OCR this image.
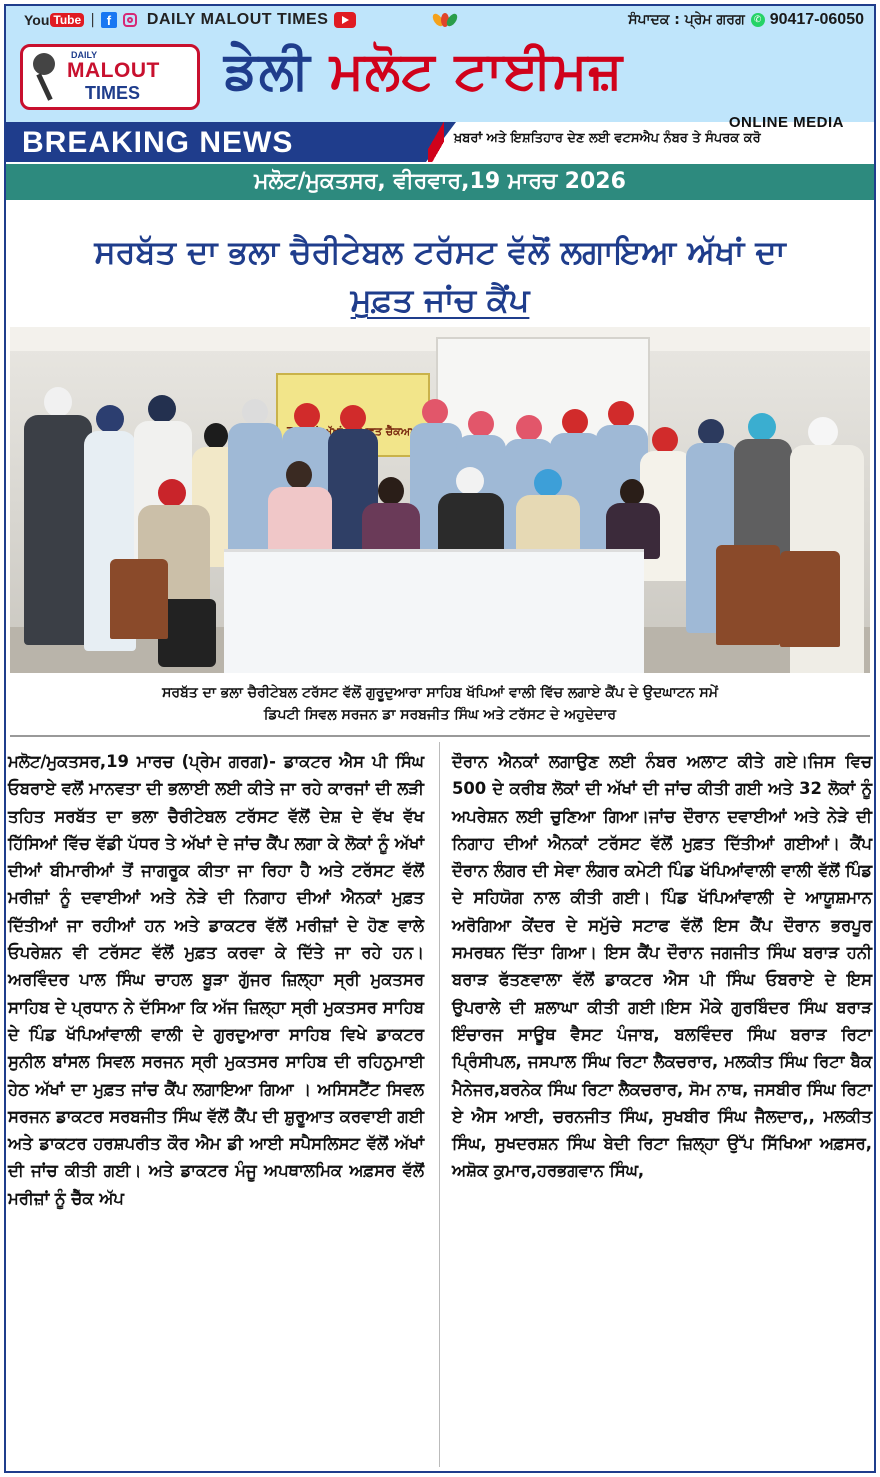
You Tube | f	DAILY MALOUT TIMES	ਸੰਪਾਦਕ : ਪ੍ਰੇਮ ਗਰਗ	✆ 90417-06050
DAILY
MALOUT
TIMES ਡੇਲੀ ਮਲੋਟ ਟਾਈਮਜ਼
ONLINE MEDIA
BREAKING NEWS	ਖ਼ਬਰਾਂ ਅਤੇ ਇਸ਼ਤਿਹਾਰ ਦੇਣ ਲਈ ਵਟਸਐਪ ਨੰਬਰ ਤੇ ਸੰਪਰਕ ਕਰੋ
ਮਲੋਟ/ਮੁਕਤਸਰ, ਵੀਰਵਾਰ,19 ਮਾਰਚ 2026
ਸਰਬੱਤ ਦਾ ਭਲਾ ਚੈਰੀਟੇਬਲ ਟਰੱਸਟ ਵੱਲੋਂ ਲਗਾਇਆ ਅੱਖਾਂ ਦਾ
ਮੁਫ਼ਤ ਜਾਂਚ ਕੈਂਪ
ਚੈੱਕਅਪ
ਸਰਬੱਤ ਦਾ ਭਲਾ ਚੈਰੀਟੇਬਲ ਟਰੱਸਟ ਵੱਲੋਂ ਗੁਰੂਦੁਆਰਾ ਸਾਹਿਬ ਖੱਪਿਆਂ ਵਾਲੀ ਵਿੱਚ ਲਗਾਏ ਕੈਂਪ ਦੇ ਉਦਘਾਟਨ ਸਮੇਂ
ਡਿਪਟੀ ਸਿਵਲ ਸਰਜਨ ਡਾ ਸਰਬਜੀਤ ਸਿੰਘ ਅਤੇ ਟਰੱਸਟ ਦੇ ਅਹੁਦੇਦਾਰ
ਮਲੋਟ/ਮੁਕਤਸਰ,19 ਮਾਰਚ (ਪ੍ਰੇਮ ਗਰਗ)- ਡਾਕਟਰ ਐਸ ਪੀ ਸਿੰਘ ਓਬਰਾਏ ਵਲੋਂ ਮਾਨਵਤਾ ਦੀ ਭਲਾਈ ਲਈ ਕੀਤੇ ਜਾ ਰਹੇ ਕਾਰਜਾਂ ਦੀ ਲੜੀ ਤਹਿਤ ਸਰਬੱਤ ਦਾ ਭਲਾ ਚੈਰੀਟੇਬਲ ਟਰੱਸਟ ਵੱਲੋਂ ਦੇਸ਼ ਦੇ ਵੱਖ ਵੱਖ ਹਿੱਸਿਆਂ ਵਿੱਚ ਵੱਡੀ ਪੱਧਰ ਤੇ ਅੱਖਾਂ ਦੇ ਜਾਂਚ ਕੈਂਪ ਲਗਾ ਕੇ ਲੋਕਾਂ ਨੂੰ ਅੱਖਾਂ ਦੀਆਂ ਬੀਮਾਰੀਆਂ ਤੋਂ ਜਾਗਰੂਕ ਕੀਤਾ ਜਾ ਰਿਹਾ ਹੈ ਅਤੇ ਟਰੱਸਟ ਵੱਲੋਂ ਮਰੀਜ਼ਾਂ ਨੂੰ ਦਵਾਈਆਂ ਅਤੇ ਨੇੜੇ ਦੀ ਨਿਗਾਹ ਦੀਆਂ ਐਨਕਾਂ ਮੁਫ਼ਤ ਦਿੱਤੀਆਂ ਜਾ ਰਹੀਆਂ ਹਨ ਅਤੇ ਡਾਕਟਰ ਵੱਲੋਂ ਮਰੀਜ਼ਾਂ ਦੇ ਹੋਣ ਵਾਲੇ ਓਪਰੇਸ਼ਨ ਵੀ ਟਰੱਸਟ ਵੱਲੋਂ ਮੁਫ਼ਤ ਕਰਵਾ ਕੇ ਦਿੱਤੇ ਜਾ ਰਹੇ ਹਨ। ਅਰਵਿੰਦਰ ਪਾਲ ਸਿੰਘ ਚਾਹਲ ਬੂੜਾ ਗੁੱਜਰ ਜ਼ਿਲ੍ਹਾ ਸ੍ਰੀ ਮੁਕਤਸਰ ਸਾਹਿਬ ਦੇ ਪ੍ਰਧਾਨ ਨੇ ਦੱਸਿਆ ਕਿ ਅੱਜ ਜ਼ਿਲ੍ਹਾ ਸ੍ਰੀ ਮੁਕਤਸਰ ਸਾਹਿਬ ਦੇ ਪਿੰਡ ਖੱਪਿਆਂਵਾਲੀ ਵਾਲੀ ਦੇ ਗੁਰਦੁਆਰਾ ਸਾਹਿਬ ਵਿਖੇ ਡਾਕਟਰ ਸੁਨੀਲ ਬਾਂਸਲ ਸਿਵਲ ਸਰਜਨ ਸ੍ਰੀ ਮੁਕਤਸਰ ਸਾਹਿਬ ਦੀ ਰਹਿਨੁਮਾਈ ਹੇਠ ਅੱਖਾਂ ਦਾ ਮੁਫ਼ਤ ਜਾਂਚ ਕੈਂਪ ਲਗਾਇਆ ਗਿਆ । ਅਸਿਸਟੈਂਟ ਸਿਵਲ ਸਰਜਨ ਡਾਕਟਰ ਸਰਬਜੀਤ ਸਿੰਘ ਵੱਲੋਂ ਕੈਂਪ ਦੀ ਸ਼ੁਰੂਆਤ ਕਰਵਾਈ ਗਈ ਅਤੇ ਡਾਕਟਰ ਹਰਸ਼ਪਰੀਤ ਕੌਰ ਐਮ ਡੀ ਆਈ ਸਪੈਸਲਿਸਟ ਵੱਲੋਂ ਅੱਖਾਂ ਦੀ ਜਾਂਚ ਕੀਤੀ ਗਈ। ਅਤੇ ਡਾਕਟਰ ਮੰਜੂ ਅਪਥਾਲਮਿਕ ਅਫ਼ਸਰ ਵੱਲੋਂ ਮਰੀਜ਼ਾਂ ਨੂੰ ਚੈੱਕ ਅੱਪ
ਦੌਰਾਨ ਐਨਕਾਂ ਲਗਾਉਣ ਲਈ ਨੰਬਰ ਅਲਾਟ ਕੀਤੇ ਗਏ।ਜਿਸ ਵਿਚ 500 ਦੇ ਕਰੀਬ ਲੋਕਾਂ ਦੀ ਅੱਖਾਂ ਦੀ ਜਾਂਚ ਕੀਤੀ ਗਈ ਅਤੇ 32 ਲੋਕਾਂ ਨੂੰ ਅਪਰੇਸ਼ਨ ਲਈ ਚੁਣਿਆ ਗਿਆ।ਜਾਂਚ ਦੌਰਾਨ ਦਵਾਈਆਂ ਅਤੇ ਨੇੜੇ ਦੀ ਨਿਗਾਹ ਦੀਆਂ ਐਨਕਾਂ ਟਰੱਸਟ ਵੱਲੋਂ ਮੁਫ਼ਤ ਦਿੱਤੀਆਂ ਗਈਆਂ। ਕੈਂਪ ਦੌਰਾਨ ਲੰਗਰ ਦੀ ਸੇਵਾ ਲੰਗਰ ਕਮੇਟੀ ਪਿੰਡ ਖੱਪਿਆਂਵਾਲੀ ਵਾਲੀ ਵੱਲੋਂ ਪਿੰਡ ਦੇ ਸਹਿਯੋਗ ਨਾਲ ਕੀਤੀ ਗਈ। ਪਿੰਡ ਖੱਪਿਆਂਵਾਲੀ ਦੇ ਆਯੂਸ਼ਮਾਨ ਅਰੋਗਿਆ ਕੇਂਦਰ ਦੇ ਸਮੁੱਚੇ ਸਟਾਫ ਵੱਲੋਂ ਇਸ ਕੈਂਪ ਦੌਰਾਨ ਭਰਪੂਰ ਸਮਰਥਨ ਦਿੱਤਾ ਗਿਆ। ਇਸ ਕੈਂਪ ਦੌਰਾਨ ਜਗਜੀਤ ਸਿੰਘ ਬਰਾੜ ਹਨੀ ਬਰਾੜ ਫੱਤਣਵਾਲਾ ਵੱਲੋਂ ਡਾਕਟਰ ਐਸ ਪੀ ਸਿੰਘ ਓਬਰਾਏ ਦੇ ਇਸ ਉਪਰਾਲੇ ਦੀ ਸ਼ਲਾਘਾ ਕੀਤੀ ਗਈ।ਇਸ ਮੌਕੇ ਗੁਰਬਿੰਦਰ ਸਿੰਘ ਬਰਾੜ ਇੰਚਾਰਜ ਸਾਊਥ ਵੈਸਟ ਪੰਜਾਬ, ਬਲਵਿੰਦਰ ਸਿੰਘ ਬਰਾੜ ਰਿਟਾ ਪ੍ਰਿੰਸੀਪਲ, ਜਸਪਾਲ ਸਿੰਘ ਰਿਟਾ ਲੈਕਚਰਾਰ, ਮਲਕੀਤ ਸਿੰਘ ਰਿਟਾ ਬੈਕ ਮੈਨੇਜਰ,ਬਰਨੇਕ ਸਿੰਘ ਰਿਟਾ ਲੈਕਚਰਾਰ, ਸੋਮ ਨਾਥ, ਜਸਬੀਰ ਸਿੰਘ ਰਿਟਾ ਏ ਐਸ ਆਈ, ਚਰਨਜੀਤ ਸਿੰਘ, ਸੁਖਬੀਰ ਸਿੰਘ ਜੈਲਦਾਰ,, ਮਲਕੀਤ ਸਿੰਘ, ਸੁਖਦਰਸ਼ਨ ਸਿੰਘ ਬੇਦੀ ਰਿਟਾ ਜ਼ਿਲ੍ਹਾ ਉੱਪ ਸਿੱਖਿਆ ਅਫ਼ਸਰ, ਅਸ਼ੋਕ ਕੁਮਾਰ,ਹਰਭਗਵਾਨ ਸਿੰਘ,
